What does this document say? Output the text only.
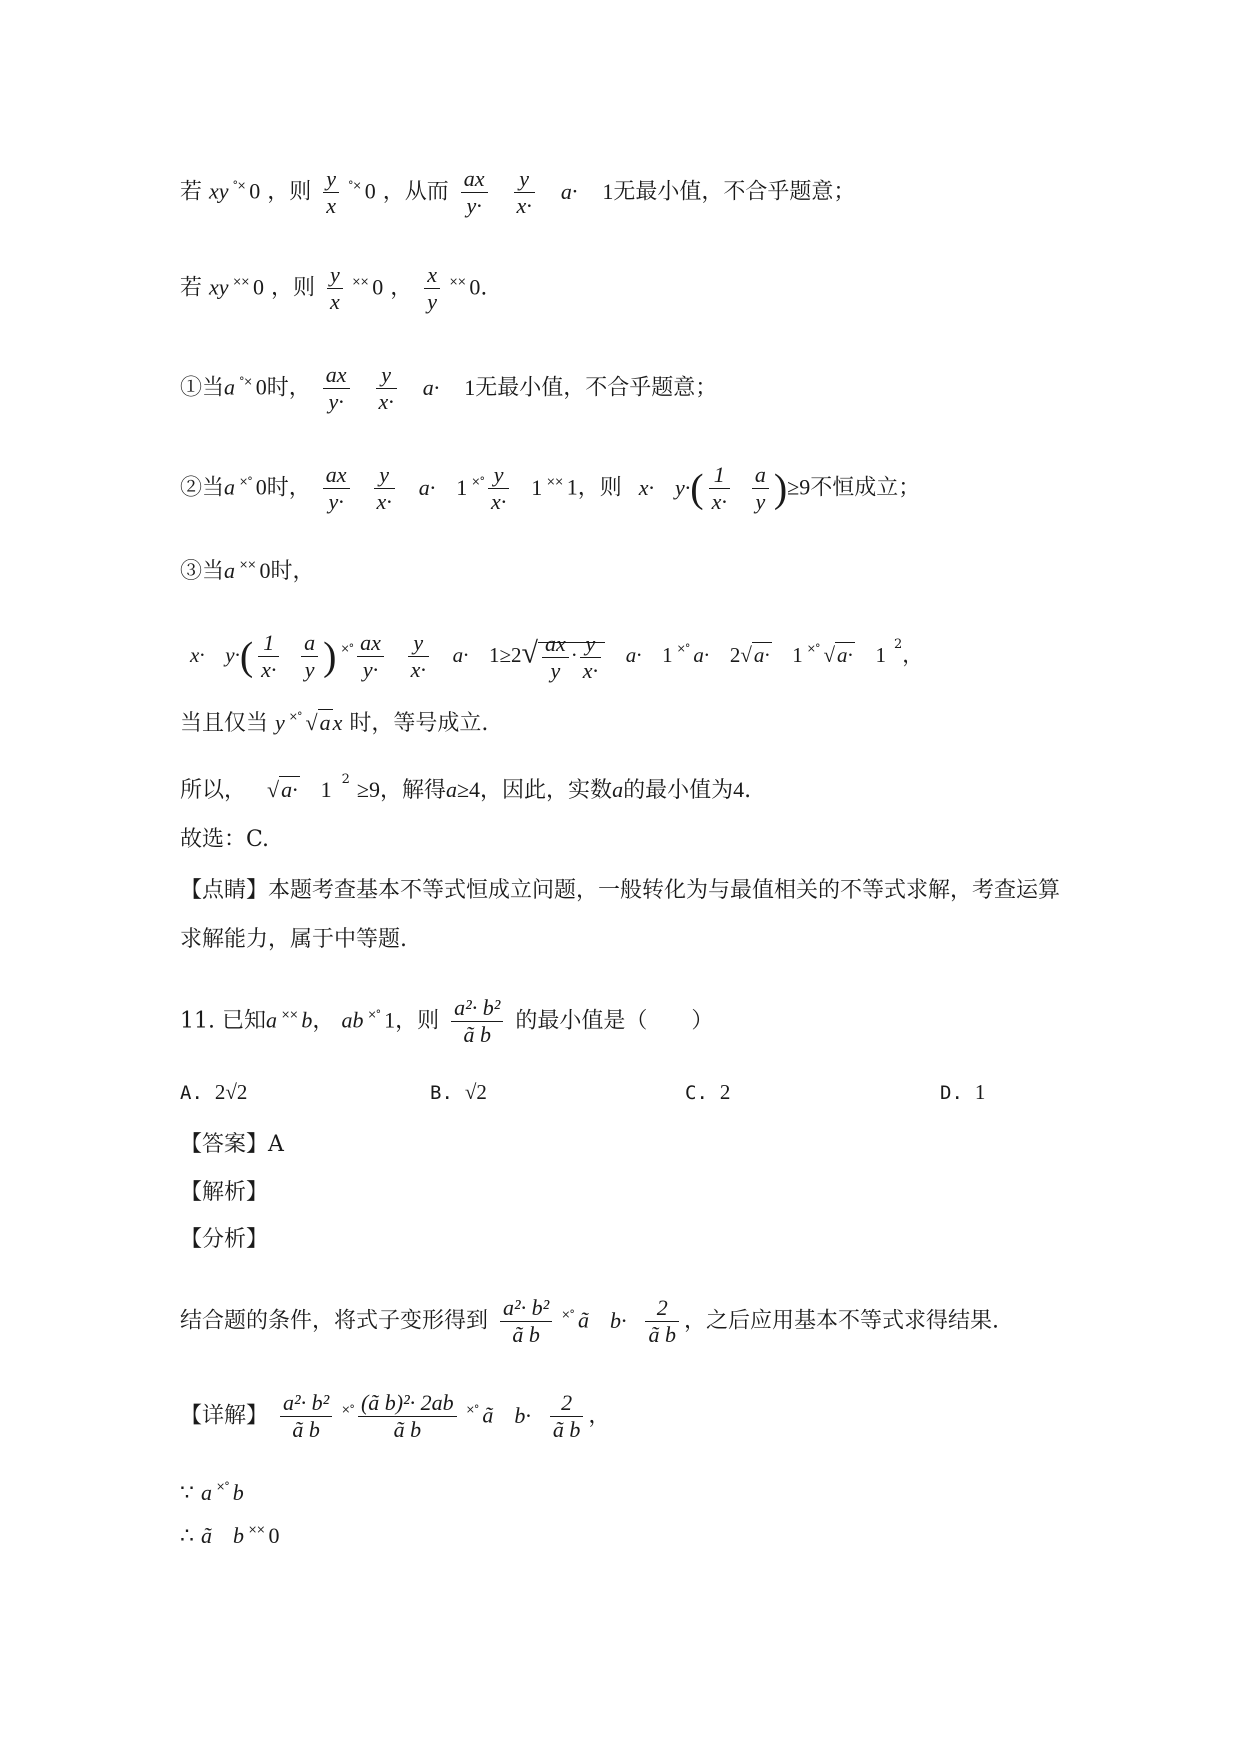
若 xy °× 0 ，则 $\frac{y}{x} ^{^\circ\times}$ 0 ，从而 $\frac{ax}{y\cdot}$
$\frac{y}{x\cdot} a\cdot 1$无最小值，不合乎题意；
若 xy ×× 0 ，则 $\frac{y}{x} ^{\times\times}$ 0 ， $\frac{x}{y} ^{\times\times}$ 0.
①当a °× 0时， $\frac{ax}{y\cdot}$
$\frac{y}{x\cdot} a\cdot 1$无最小值，不合乎题意；
②当a ×° 0时， $\frac{ax}{y\cdot}$
$\frac{y}{x\cdot} a\cdot 1$ $^{\times^\circ} \frac{y}{x\cdot} 1$ ×× 1，则 $x\cdot y\cdot( \frac{1}{x\cdot}$
$\frac{a}{y} )\ge 9$不恒成立；
③当a ×× 0时，
$x\cdot y\cdot( \frac{1}{x\cdot}$
$\frac{a}{y}$ ) $^{\times^\circ} \frac{ax}{y\cdot}$
$\frac{y}{x\cdot} a\cdot 1\ge 2√ \frac{ax}{y} \cdot \frac{y}{x\cdot} a\cdot 1$ ×° a· 2√a· 1 ×° √a· 1 $^2$，
当且仅当 y ×° √ax 时，等号成立.
所以， √a· 1 $^2$ ≥9，解得a≥4，因此，实数a的最小值为4.
故选：C.
【点睛】本题考查基本不等式恒成立问题，一般转化为与最值相关的不等式求解，考查运算
求解能力，属于中等题.
11. 已知a ×× b， ab ×° 1，则 $\frac{\text{a²· b²}}{\text{ã b}}$ 的最小值是（　　）
A. 2√2	B. √2	C. 2	D. 1
【答案】A
【解析】
【分析】
结合题的条件，将式子变形得到 $\frac{\text{a²· b²}}{\text{ã b}} ^{\times^\circ}$ ã $b\cdot \frac{2}{\text{ã b}}$ ，之后应用基本不等式求得结果.
【详解】 $\frac{\text{a²· b²}}{\text{ã b}} ^{\times^\circ} \frac{\text{(ã b)²· 2ab}}{\text{ã b}} ^{\times^\circ}$ ã $b\cdot \frac{2}{\text{ã b}}$ ，
∵ a ×° b
∴ ã b ×× 0
